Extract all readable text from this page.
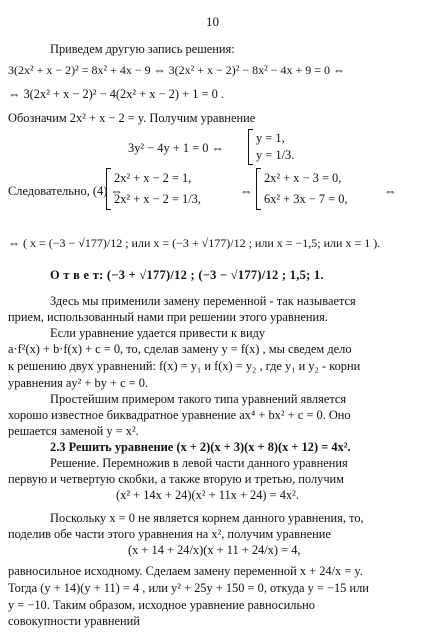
10
Приведем другую запись решения:
3(2x² + x − 2)² = 8x² + 4x − 9 ⇔ 3(2x² + x − 2)² − 8x² − 4x + 9 = 0 ⇔
⇔ 3(2x² + x − 2)² − 4(2x² + x − 2) + 1 = 0 .
Обозначим 2x² + x − 2 = y. Получим уравнение
3y² − 4y + 1 = 0 ⇔
y = 1,
y = 1/3.
Следовательно, (4) ⇔
2x² + x − 2 = 1,
2x² + x − 2 = 1/3,
⇔
2x² + x − 3 = 0,
6x² + 3x − 7 = 0,
⇔
⇔ ( x = (−3 − √177)/12 ; или x = (−3 + √177)/12 ; или x = −1,5; или x = 1 ).
О т в е т: (−3 + √177)/12 ; (−3 − √177)/12 ; 1,5; 1.
Здесь мы применили замену переменной - так называется
прием, использованный нами при решении этого уравнения.
Если уравнение удается привести к виду
a·f²(x) + b·f(x) + c = 0, то, сделав замену y = f(x) , мы сведем дело
к решению двух уравнений: f(x) = y₁ и f(x) = y₂ , где y₁ и y₂ - корни
уравнения ay² + by + c = 0.
Простейшим примером такого типа уравнений является
хорошо известное биквадратное уравнение ax⁴ + bx² + c = 0. Оно
решается заменой y = x².
2.3 Решить уравнение (x + 2)(x + 3)(x + 8)(x + 12) = 4x².
Решение. Перемножив в левой части данного уравнения
первую и четвертую скобки, а также вторую и третью, получим
(x² + 14x + 24)(x² + 11x + 24) = 4x².
Поскольку x = 0 не является корнем данного уравнения, то,
поделив обе части этого уравнения на x², получим уравнение
(x + 14 + 24/x)(x + 11 + 24/x) = 4,
равносильное исходному. Сделаем замену переменной x + 24/x = y.
Тогда (y + 14)(y + 11) = 4 , или y² + 25y + 150 = 0, откуда y = −15 или
y = −10. Таким образом, исходное уравнение равносильно
совокупности уравнений
